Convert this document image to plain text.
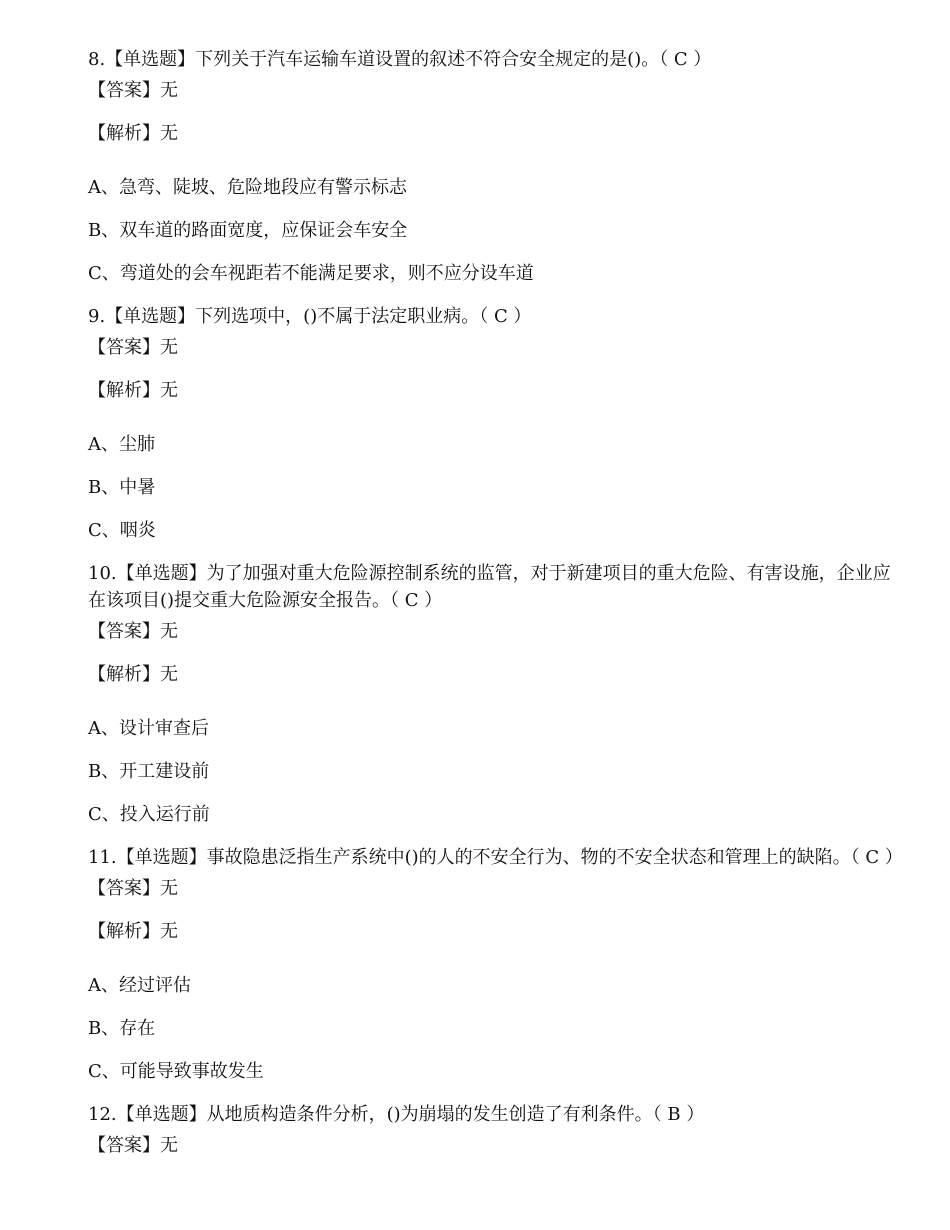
8.【单选题】下列关于汽车运输车道设置的叙述不符合安全规定的是()。（ C ）

【答案】无

【解析】无

A、急弯、陡坡、危险地段应有警示标志

B、双车道的路面宽度，应保证会车安全

C、弯道处的会车视距若不能满足要求，则不应分设车道

9.【单选题】下列选项中，()不属于法定职业病。（ C ）

【答案】无

【解析】无

A、尘肺

B、中暑

C、咽炎

10.【单选题】为了加强对重大危险源控制系统的监管，对于新建项目的重大危险、有害设施，企业应在该项目()提交重大危险源安全报告。（ C ）

【答案】无

【解析】无

A、设计审查后

B、开工建设前

C、投入运行前

11.【单选题】事故隐患泛指生产系统中()的人的不安全行为、物的不安全状态和管理上的缺陷。（ C ）

【答案】无

【解析】无

A、经过评估

B、存在

C、可能导致事故发生

12.【单选题】从地质构造条件分析，()为崩塌的发生创造了有利条件。（ B ）

【答案】无
